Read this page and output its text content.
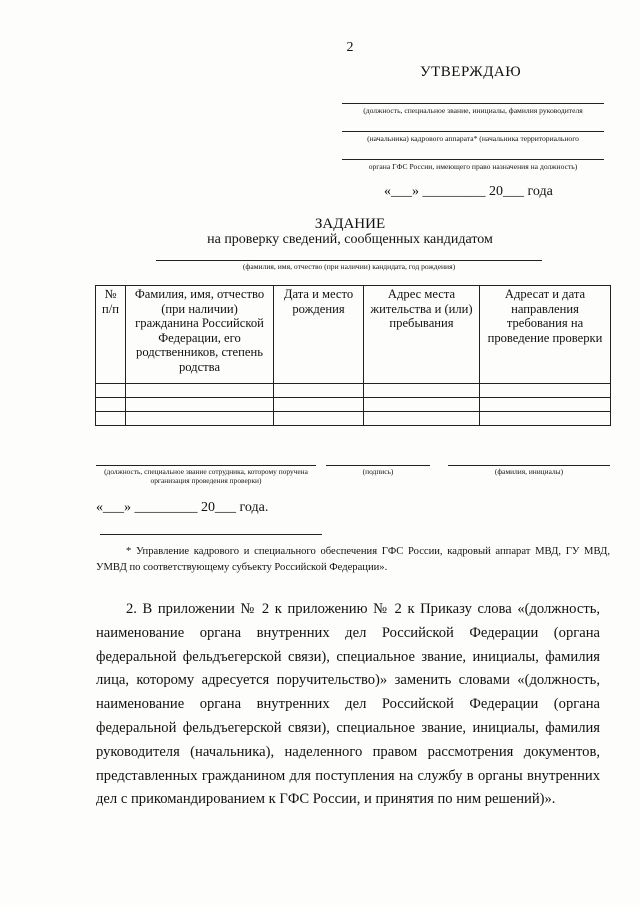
2
УТВЕРЖДАЮ
(должность, специальное звание, инициалы, фамилия руководителя
(начальника) кадрового аппарата* (начальника территориального
органа ГФС России, имеющего право назначения на должность)
«___» _________ 20___ года
ЗАДАНИЕ
на проверку сведений, сообщенных кандидатом
(фамилия, имя, отчество (при наличии) кандидата, год рождения)
№ п/п	Фамилия, имя, отчество (при наличии) гражданина Российской Федерации, его родственников, степень родства	Дата и место рождения	Адрес места жительства и (или) пребывания	Адресат и дата направления требования на проведение проверки

(должность, специальное звание сотрудника, которому поручена организация проведения проверки)
(подпись)	(фамилия, инициалы)
«___» _________ 20___ года.
* Управление кадрового и специального обеспечения ГФС России, кадровый аппарат МВД, ГУ МВД, УМВД по соответствующему субъекту Российской Федерации».
2. В приложении № 2 к приложению № 2 к Приказу слова «(должность, наименование органа внутренних дел Российской Федерации (органа федеральной фельдъегерской связи), специальное звание, инициалы, фамилия лица, которому адресуется поручительство)» заменить словами «(должность, наименование органа внутренних дел Российской Федерации (органа федеральной фельдъегерской связи), специальное звание, инициалы, фамилия руководителя (начальника), наделенного правом рассмотрения документов, представленных гражданином для поступления на службу в органы внутренних дел с прикомандированием к ГФС России, и принятия по ним решений)».
